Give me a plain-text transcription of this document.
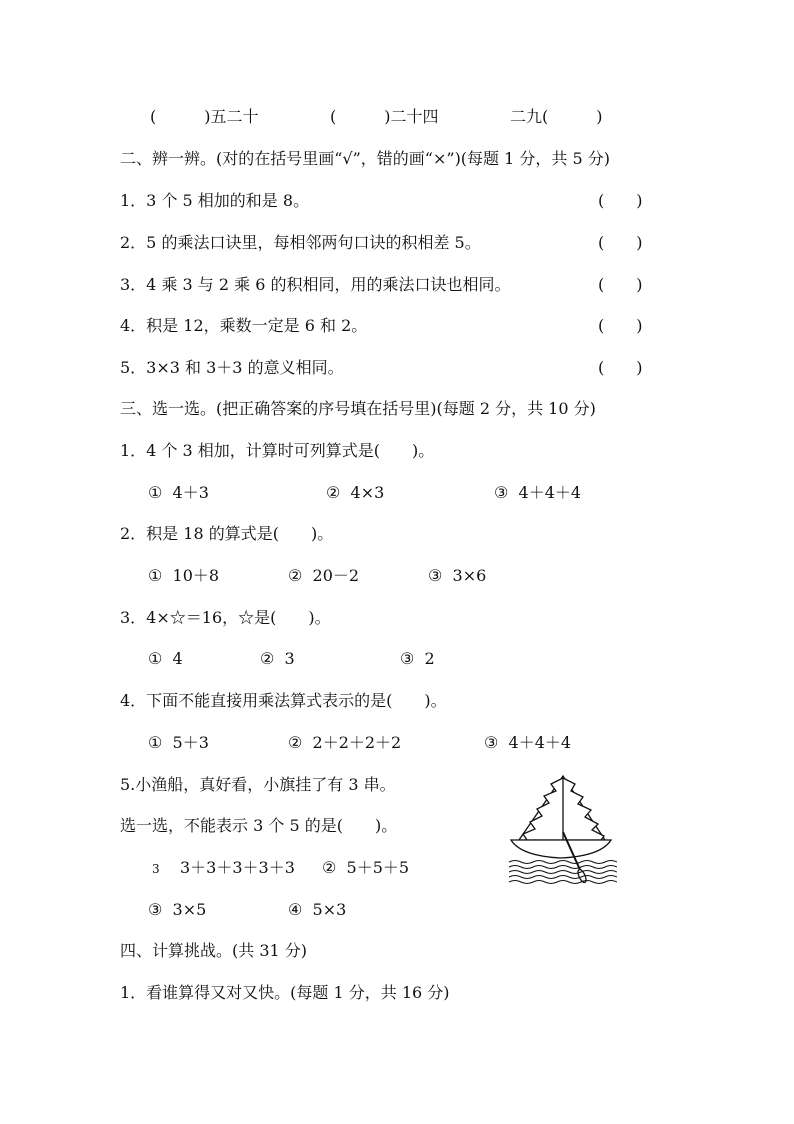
(　　　)五二十	(　　　)二十四	二九(　　　)
二、辨一辨。(对的在括号里画“√”，错的画“×”)(每题 1 分，共 5 分)
1．3 个 5 相加的和是 8。	(　　)
2．5 的乘法口诀里，每相邻两句口诀的积相差 5。	(　　)
3．4 乘 3 与 2 乘 6 的积相同，用的乘法口诀也相同。	(　　)
4．积是 12，乘数一定是 6 和 2。	(　　)
5．3×3 和 3＋3 的意义相同。	(　　)
三、选一选。(把正确答案的序号填在括号里)(每题 2 分，共 10 分)
1．4 个 3 相加，计算时可列算式是(　　)。
①  4＋3	②  4×3	③  4＋4＋4
2．积是 18 的算式是(　　)。
①  10＋8	②  20－2	③  3×6
3．4×☆＝16，☆是(　　)。
①  4	②  3	③  2
4．下面不能直接用乘法算式表示的是(　　)。
①  5＋3	②  2＋2＋2＋2	③  4＋4＋4
5.小渔船，真好看，小旗挂了有 3 串。
选一选，不能表示 3 个 5 的是(　　)。
3 3＋3＋3＋3＋3 ②  5＋5＋5
③  3×5	④  5×3
四、计算挑战。(共 31 分)
1．看谁算得又对又快。(每题 1 分，共 16 分)
